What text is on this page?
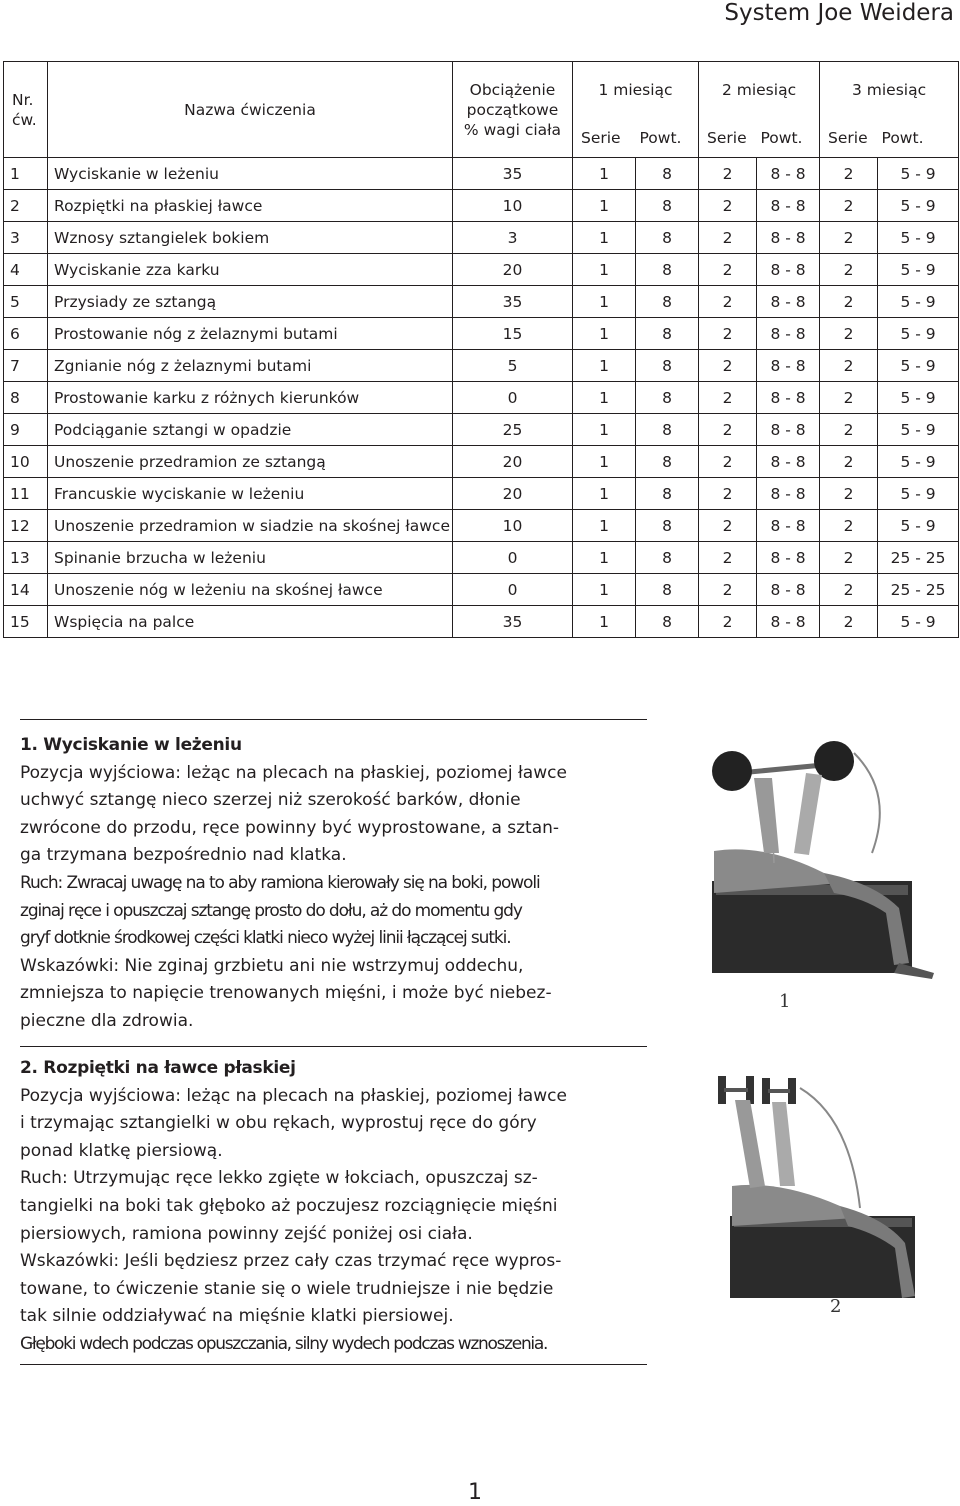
System Joe Weidera
Nr. ćw.	Nazwa ćwiczenia	Obciążenie początkowe % wagi ciała	1 miesiąc		2 miesiąc		3 miesiąc	
			Serie	Powt.	Serie	Powt.	Serie	Powt.
1	Wyciskanie w leżeniu	35	1	8	2	8 - 8	2	5 - 9
2	Rozpiętki na płaskiej ławce	10	1	8	2	8 - 8	2	5 - 9
3	Wznosy sztangielek bokiem	3	1	8	2	8 - 8	2	5 - 9
4	Wyciskanie zza karku	20	1	8	2	8 - 8	2	5 - 9
5	Przysiady ze sztangą	35	1	8	2	8 - 8	2	5 - 9
6	Prostowanie nóg z żelaznymi butami	15	1	8	2	8 - 8	2	5 - 9
7	Zgnianie nóg z żelaznymi butami	5	1	8	2	8 - 8	2	5 - 9
8	Prostowanie karku z różnych kierunków	0	1	8	2	8 - 8	2	5 - 9
9	Podciąganie sztangi w opadzie	25	1	8	2	8 - 8	2	5 - 9
10	Unoszenie przedramion ze sztangą	20	1	8	2	8 - 8	2	5 - 9
11	Francuskie wyciskanie w leżeniu	20	1	8	2	8 - 8	2	5 - 9
12	Unoszenie przedramion w siadzie na skośnej ławce	10	1	8	2	8 - 8	2	5 - 9
13	Spinanie brzucha w leżeniu	0	1	8	2	8 - 8	2	25 - 25
14	Unoszenie nóg w leżeniu na skośnej ławce	0	1	8	2	8 - 8	2	25 - 25
15	Wspięcia na palce	35	1	8	2	8 - 8	2	5 - 9
1. Wyciskanie w leżeniu

Pozycja wyjściowa: leżąc na plecach na płaskiej, poziomej ławce

uchwyć sztangę nieco szerzej niż szerokość barków, dłonie

zwrócone do przodu, ręce powinny być wyprostowane, a sztan-

ga trzymana bezpośrednio nad klatka.

Ruch: Zwracaj uwagę na to aby ramiona kierowały się na boki, powoli

zginaj ręce i opuszczaj sztangę prosto do dołu, aż do momentu gdy

gryf dotknie środkowej części klatki nieco wyżej linii łączącej sutki.

Wskazówki: Nie zginaj grzbietu ani nie wstrzymuj oddechu,

zmniejsza to napięcie trenowanych mięśni, i może być niebez-

pieczne dla zdrowia.

1
2. Rozpiętki na ławce płaskiej

Pozycja wyjściowa: leżąc na plecach na płaskiej, poziomej ławce

i trzymając sztangielki w obu rękach, wyprostuj ręce do góry

ponad klatkę piersiową.

Ruch: Utrzymując ręce lekko zgięte w łokciach, opuszczaj sz-

tangielki na boki tak głęboko aż poczujesz rozciągnięcie mięśni

piersiowych, ramiona powinny zejść poniżej osi ciała.

Wskazówki: Jeśli będziesz przez cały czas trzymać ręce wypros-

towane, to ćwiczenie stanie się o wiele trudniejsze i nie będzie

tak silnie oddziaływać na mięśnie klatki piersiowej.

Głęboki wdech podczas opuszczania, silny wydech podczas wznoszenia.

2
1
